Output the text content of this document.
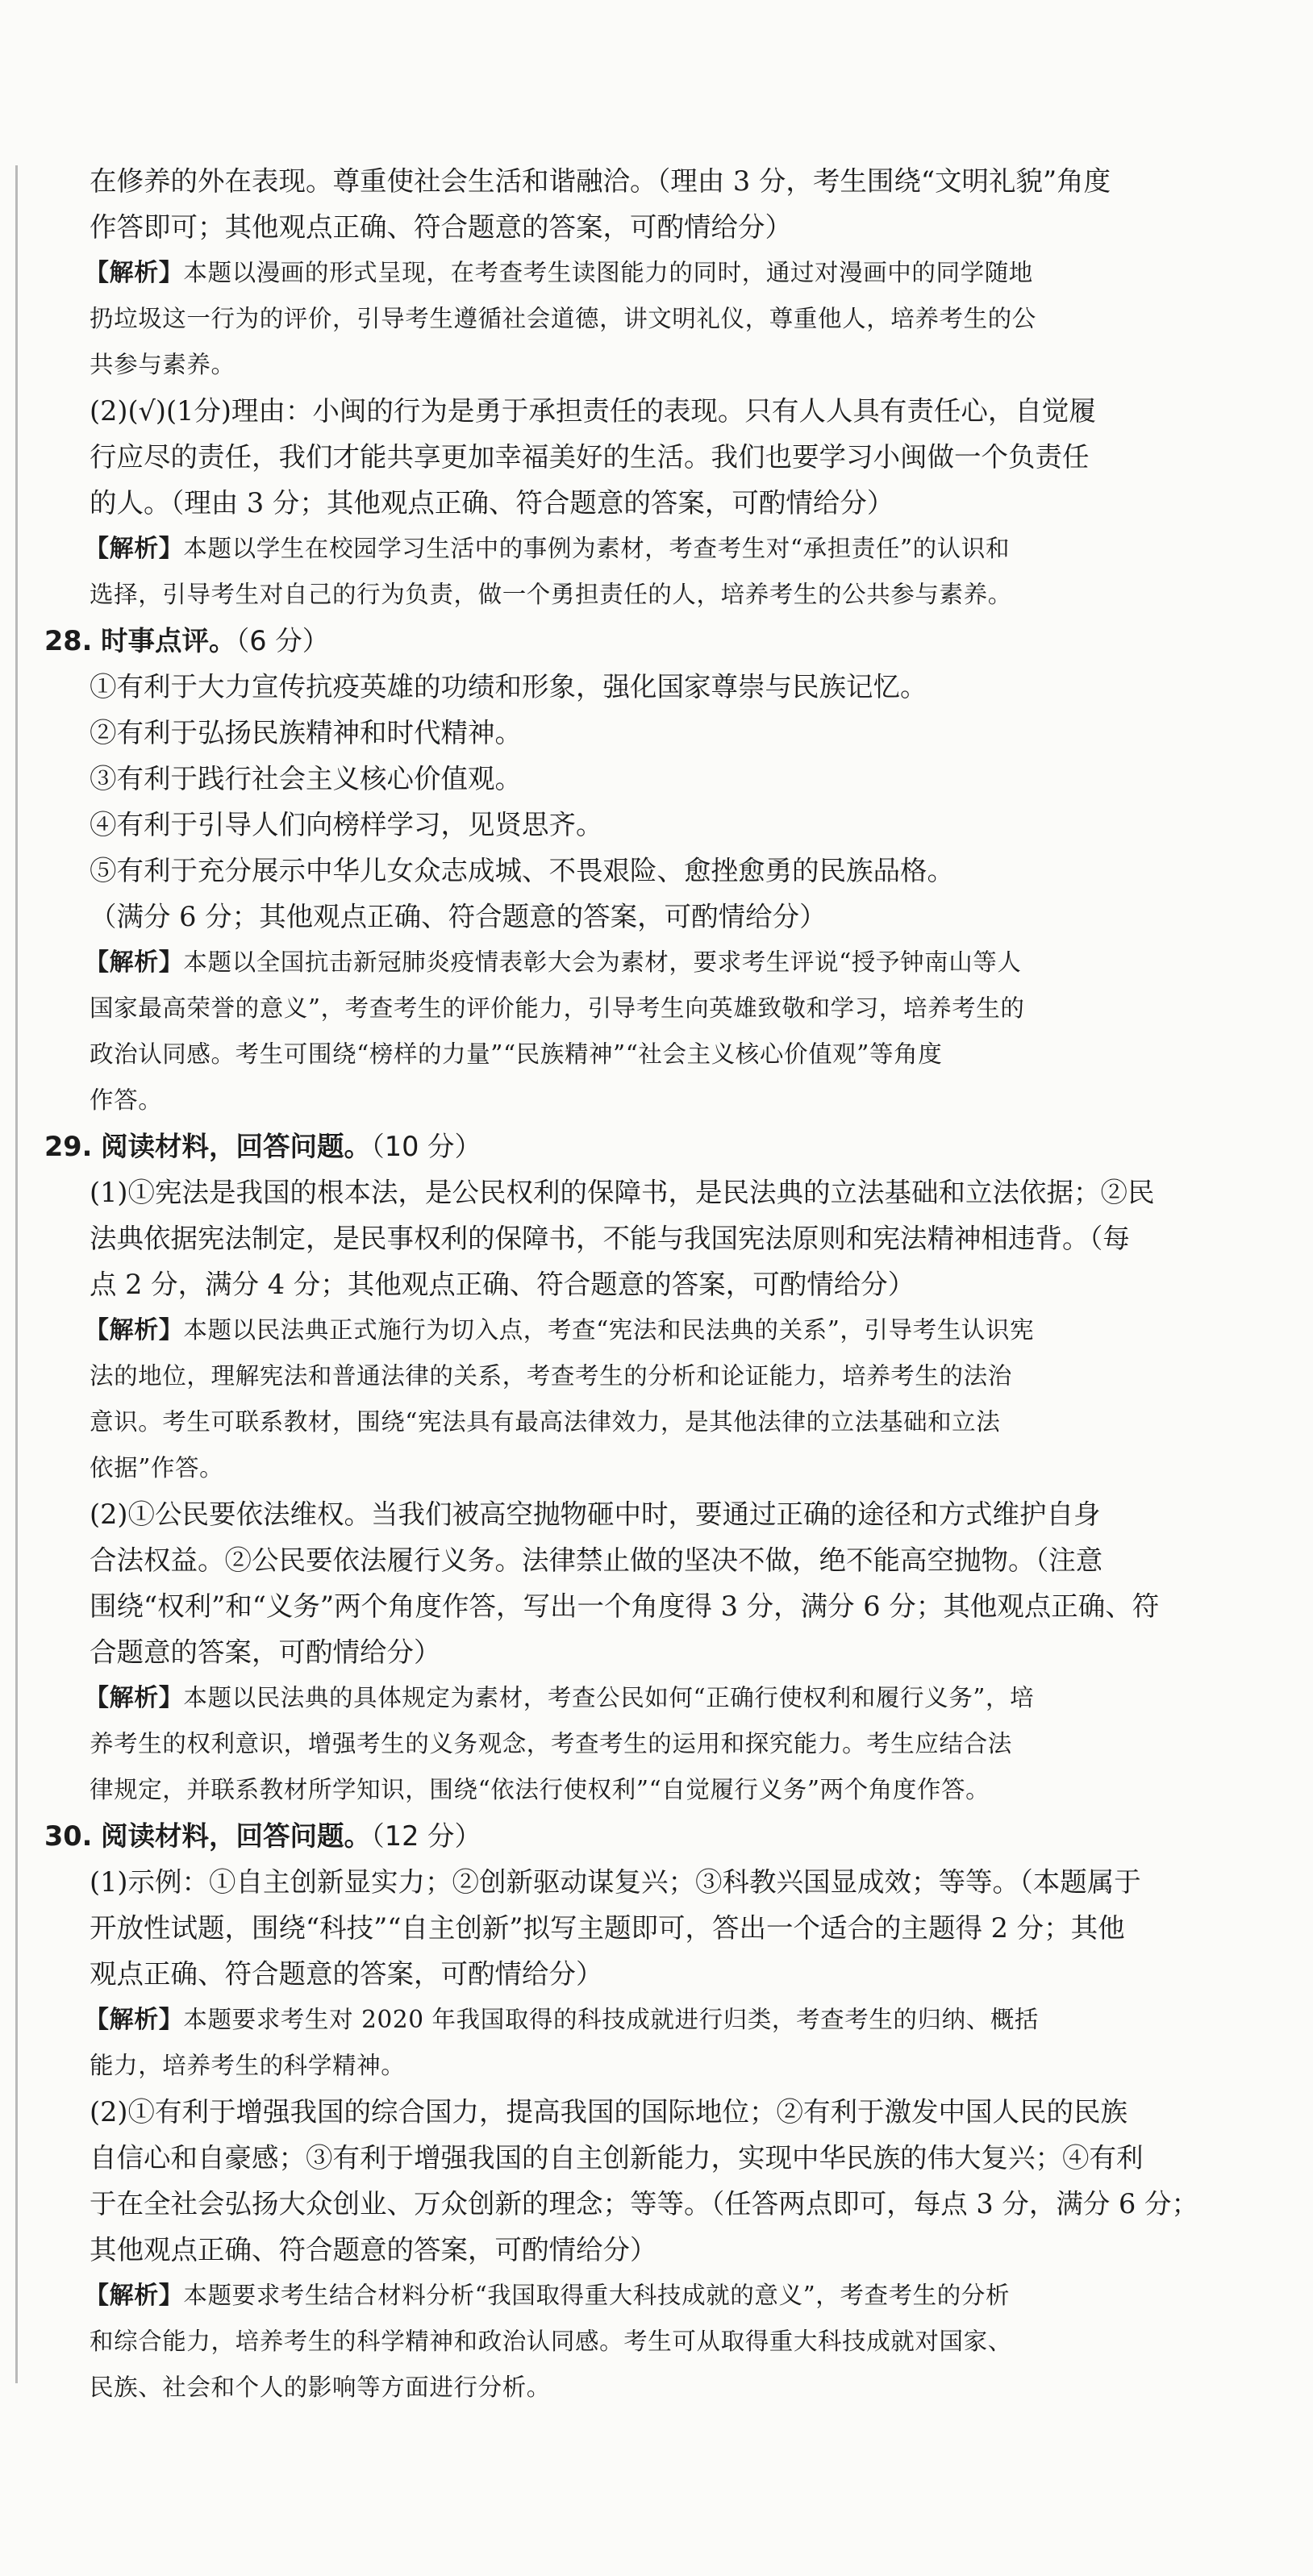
在修养的外在表现。尊重使社会生活和谐融洽。（理由 3 分，考生围绕“文明礼貌”角度

作答即可；其他观点正确、符合题意的答案，可酌情给分）

【解析】本题以漫画的形式呈现，在考查考生读图能力的同时，通过对漫画中的同学随地

扔垃圾这一行为的评价，引导考生遵循社会道德，讲文明礼仪，尊重他人，培养考生的公

共参与素养。

(2)(√)(1分)理由：小闽的行为是勇于承担责任的表现。只有人人具有责任心，自觉履

行应尽的责任，我们才能共享更加幸福美好的生活。我们也要学习小闽做一个负责任

的人。（理由 3 分；其他观点正确、符合题意的答案，可酌情给分）

【解析】本题以学生在校园学习生活中的事例为素材，考查考生对“承担责任”的认识和

选择，引导考生对自己的行为负责，做一个勇担责任的人，培养考生的公共参与素养。

28. 时事点评。（6 分）

①有利于大力宣传抗疫英雄的功绩和形象，强化国家尊崇与民族记忆。

②有利于弘扬民族精神和时代精神。

③有利于践行社会主义核心价值观。

④有利于引导人们向榜样学习，见贤思齐。

⑤有利于充分展示中华儿女众志成城、不畏艰险、愈挫愈勇的民族品格。

（满分 6 分；其他观点正确、符合题意的答案，可酌情给分）

【解析】本题以全国抗击新冠肺炎疫情表彰大会为素材，要求考生评说“授予钟南山等人

国家最高荣誉的意义”，考查考生的评价能力，引导考生向英雄致敬和学习，培养考生的

政治认同感。考生可围绕“榜样的力量”“民族精神”“社会主义核心价值观”等角度

作答。

29. 阅读材料，回答问题。（10 分）

(1)①宪法是我国的根本法，是公民权利的保障书，是民法典的立法基础和立法依据；②民

法典依据宪法制定，是民事权利的保障书，不能与我国宪法原则和宪法精神相违背。（每

点 2 分，满分 4 分；其他观点正确、符合题意的答案，可酌情给分）

【解析】本题以民法典正式施行为切入点，考查“宪法和民法典的关系”，引导考生认识宪

法的地位，理解宪法和普通法律的关系，考查考生的分析和论证能力，培养考生的法治

意识。考生可联系教材，围绕“宪法具有最高法律效力，是其他法律的立法基础和立法

依据”作答。

(2)①公民要依法维权。当我们被高空抛物砸中时，要通过正确的途径和方式维护自身

合法权益。②公民要依法履行义务。法律禁止做的坚决不做，绝不能高空抛物。（注意

围绕“权利”和“义务”两个角度作答，写出一个角度得 3 分，满分 6 分；其他观点正确、符

合题意的答案，可酌情给分）

【解析】本题以民法典的具体规定为素材，考查公民如何“正确行使权利和履行义务”，培

养考生的权利意识，增强考生的义务观念，考查考生的运用和探究能力。考生应结合法

律规定，并联系教材所学知识，围绕“依法行使权利”“自觉履行义务”两个角度作答。

30. 阅读材料，回答问题。（12 分）

(1)示例：①自主创新显实力；②创新驱动谋复兴；③科教兴国显成效；等等。（本题属于

开放性试题，围绕“科技”“自主创新”拟写主题即可，答出一个适合的主题得 2 分；其他

观点正确、符合题意的答案，可酌情给分）

【解析】本题要求考生对 2020 年我国取得的科技成就进行归类，考查考生的归纳、概括

能力，培养考生的科学精神。

(2)①有利于增强我国的综合国力，提高我国的国际地位；②有利于激发中国人民的民族

自信心和自豪感；③有利于增强我国的自主创新能力，实现中华民族的伟大复兴；④有利

于在全社会弘扬大众创业、万众创新的理念；等等。（任答两点即可，每点 3 分，满分 6 分；

其他观点正确、符合题意的答案，可酌情给分）

【解析】本题要求考生结合材料分析“我国取得重大科技成就的意义”，考查考生的分析

和综合能力，培养考生的科学精神和政治认同感。考生可从取得重大科技成就对国家、

民族、社会和个人的影响等方面进行分析。
